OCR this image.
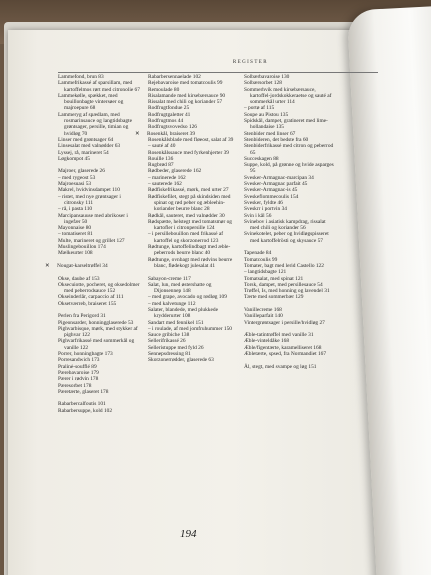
REGISTER
Lammefond, brun 83
Lammefrikassé af sparsillam, med kartoffelmos rørt med citronolie 67
Lammekølle, spækket, med bouillonbagte vintersøer og majroepure 68
Lammeryg af spædlam, med rosmarinsauce og langtidsbagte grøntsager, persille, timian og hvidløg 70
Linser med grøntsager 64
Linsesalat med valnødder 63
Lyssej, rå, marineret 54
Løgkompot 45
Majroer, glaserede 26
– med rygeost 53
Majroesuasi 53
Makrel, hvidvinsdampet 110
– ristet, med nye grøntsager i citronsky 111
– rå, i pasta 110
Marcipansauuse med abrikoser i ingefær 50
Mayonnaise 80
– tomatiseret 81
Multe, marineret og grillet 127
Muslingebouillon 174
Mælkeurter 108
✕ Nougat-karseltrøffel 34
Okse, daube af 153
Oksecuiotte, pocheret, og oksedolmer med peberrodsauce 152
Okseinderlår, carpaccio af 111
Oksetværreb, braiseret 155
Perlen fra Perigord 31
Pigeonsarder, honningglaserede 53
Pighvarbisque, mørk, med stykker af pighvar 122
Pighvarfrikassé med sommerkål og vanille 122
Porrer, honningbagte 173
Porresandwich 173
Pralinė-soufflé 89
Pærebavaroise 179
Pærer i rødvin 178
Pæresorbet 178
Pæretærte, glaseret 178
Rabarbercalfoutis 101
Rabarbersuppe, kold 102
Rabarbersennaelade 102
Rejebavaroise med tomatcoulis 99
Remoulade 80
Risalamande med kirsebærsauce 90
Rissalat med chili og koriander 57
Rodfrugtfondue 25
Rodfrugtgaletter 41
Rodfrugtmos 44
Rodfrugtsvovedso 126
✕ Rosenkål, braiseret 39
Rosenkålsblade med fløeost, salat af 39
– sauté af 40
Rosenkålssauce med fyrkenhjerter 39
Rouille 136
Rugbrød 87
Rødbeder, glaserede 162
– marinerede 162
– sauterede 162
Rødfiskefrikassé, mørk, med urter 27
Rødfiskefilet, stegt på skindsiden med spinat og rød peber og æbleehin-koriander beurre blanc 28
Rødkål, sauteret, med valnødder 30
Rødspætte, helstegt med tomatsmør og kartofler i citronpersille 124
– i persillebouillon med frikassé af kartoffel og skorzonerrod 123
Rødtunge, kartoffelindbagt med æble-peberrods beurre blanc 40
Rødtunge, ovnbagt med rødvins beurre blanc, flødekogt julesalat 41
Sabayon-creme 117
Salat, lun, med østershatte og Dijonsennep 148
– med grape, avocado og rødløg 109
– med kalvetunge 112
Salater, blandede, med plukkede krydderurter 108
Sandart med fennikel 151
– i roulade, af med jomfruhummer 150
Sauce gribiche 138
Sellerifrikassé 26
Selleristuppe med fyld 26
Sennepsdressing 81
Skorzonerrødder, glaserede 63
Solbærbavaroise 130
Solbærsorbet 128
Sommerhvik med kirsebærsauce, kartoffel-jordskokkeraetse og sauté af sommerkål urter 114
– portø af 115
Soupe au Pistou 135
Spidskål, dampet, gratineret med lime-hollandaise 135
Stenbider med linser 67
Stenbideren, det bedste fra 60
Stenbiderfrikassé med citron og peberrod 65
Succeskagen 88
Suppe, kold, på grønne og hvide asparges 95
Svesker-Armagnac-marcipan 34
Svesker-Armagnac parfait 45
Svesker-Armagnac-is 45
Sveskeflommecoulis 154
Svesker, fyldte 46
Sveskrr i portvin 34
Svin i kål 56
Svinebov i asiatisk kampdrag, rissalat med chili og koriander 56
Svinekotelet, peber og hvidløgspisseret med kartoffelrösti og skysauce 57
Tapenade 84
Tomatcoulis 99
Tomater, bagt med lerid Castello 122
– langtidsbagte 121
Tomatsalat, med spinat 121
Torsk, dampet, med persillesauce 54
Trøffel, Is, med honning og lavendel 31
Tærte med sommerbær 129
Vanillecreme 168
Vanilleparfait 140
Vintergrøntsager i persille/hvidløg 27
Æble-tatintrøffel med vanille 31
Æble-vinteldåke 168
Æble/figentærte, karamelliseret 168
Æbletærte, spsed, fra Normandiet 167
Ål, stegt, med svampe og løg 151
194
